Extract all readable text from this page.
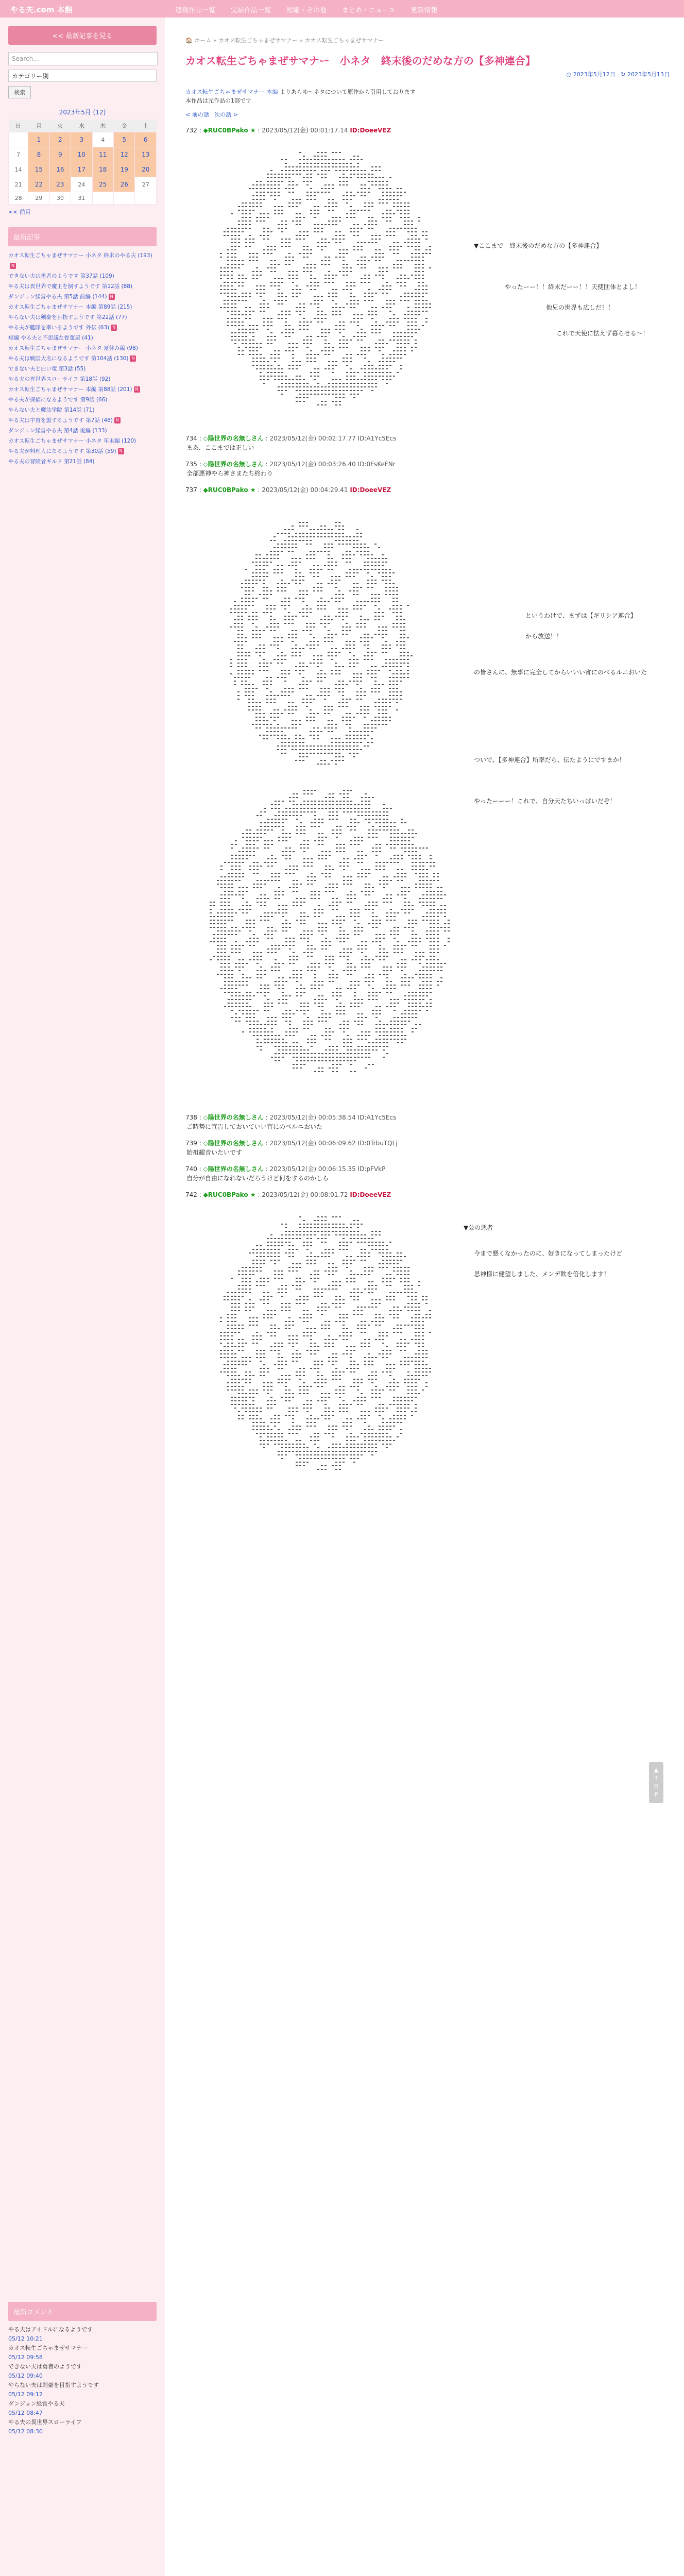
やる夫.com 本館	連載作品一覧 完結作品一覧 短編・その他 まとめ・ニュース 更新情報
<< 最新記事を見る
Search...
カテゴリー別
検索
2023年5月 (12)
日	月	火	水	木	金	土
	1	2	3	4	5	6
7	8	9	10	11	12	13
14	15	16	17	18	19	20
21	22	23	24	25	26	27
28	29	30	31			
<< 前月
最新記事
カオス転生ごちゃまぜサマナー 小ネタ 終末のやる夫 (193)N
できない夫は勇者のようです 第37話 (109)
やる夫は異世界で魔王を倒すようです 第12話 (88)
ダンジョン経営やる夫 第5話 前編 (144) N
カオス転生ごちゃまぜサマナー 本編 第89話 (215)
やらない夫は剣豪を目指すようです 第22話 (77)
やる夫が艦隊を率いるようです 外伝 (63) N
短編 やる夫と不思議な骨董屋 (41)
カオス転生ごちゃまぜサマナー 小ネタ 夏休み編 (98)
やる夫は戦国大名になるようです 第104話 (130) N
できない夫と白い竜 第3話 (55)
やる夫の異世界スローライフ 第18話 (92)
カオス転生ごちゃまぜサマナー 本編 第88話 (201) N
やる夫が探偵になるようです 第9話 (66)
やらない夫と魔法学院 第14話 (71)
やる夫は宇宙を旅するようです 第7話 (48) N
ダンジョン経営やる夫 第4話 後編 (133)
カオス転生ごちゃまぜサマナー 小ネタ 年末編 (120)
やる夫が料理人になるようです 第30話 (59) N
やる夫の冒険者ギルド 第21話 (84)
最新コメント
やる夫はアイドルになるようです
05/12 10:21
カオス転生ごちゃまぜサマナー
05/12 09:58
できない夫は勇者のようです
05/12 09:40
やらない夫は剣豪を目指すようです
05/12 09:12
ダンジョン経営やる夫
05/12 08:47
やる夫の異世界スローライフ
05/12 08:30
🏠 ホーム » カオス転生ごちゃまぜサマナー » カオス転生ごちゃまぜサマナー
カオス転生ごちゃまぜサマナー　小ネタ　終末後のだめな方の【多神連合】
◷ 2023年5月12日 ↻ 2023年5月13日
カオス転生ごちゃまぜサマナー 本編 よりあらゆ〜ネタについて原作から引用しております
本作品は元作品の1部です
< 前の話 次の話 >
732 : ◆RUC0BPako ★ : 2023/05/12(金) 00:01:17.14 ID:DoeeVEZ
▼ここまで　終末後のだめな方の【多神連合】
やったーー！！終末だーー！！天使団体とよし！
他兄の世界も広しだ！！
これで天使に怯えず暮らせる〜！
734 : ◇陽世界の名無しさん : 2023/05/12(金) 00:02:17.77 ID:A1Yc5Ecs
まあ、ここまでは正しい
735 : ◇陽世界の名無しさん : 2023/05/12(金) 00:03:26.40 ID:0FsKeFNr
全部悪神やら神さまたち終わり
737 : ◆RUC0BPako ★ : 2023/05/12(金) 00:04:29.41 ID:DoeeVEZ
というわけで、まずは【ギリシア連合】
から放送！！
の皆さんに、無事に完全してからいいい宵にのべるルニおいた
ついで、【多神連合】所率だら、伝たようにですまか！
やったーーー！これで、自分天たちいっぱいだぞ！
738 : ◇陽世界の名無しさん : 2023/05/12(金) 00:05:38.54 ID:A1Yc5Ecs
ご時勢に宣告しておいていい宵にのべルニおいた
739 : ◇陽世界の名無しさん : 2023/05/12(金) 00:06:09.62 ID:0TrbuTQLj
始祖観音いたいです
740 : ◇陽世界の名無しさん : 2023/05/12(金) 00:06:15.35 ID:pFVkP
自分が自由になれないだろうけど何をするのかしら
742 : ◆RUC0BPako ★ : 2023/05/12(金) 00:08:01.72 ID:DoeeVEZ
▼公の悪者
今まで悪くなかったのに、好きになってしまったけど
思神様に健望しました、メンデ飲を倍化します！
▲
T
O
P
